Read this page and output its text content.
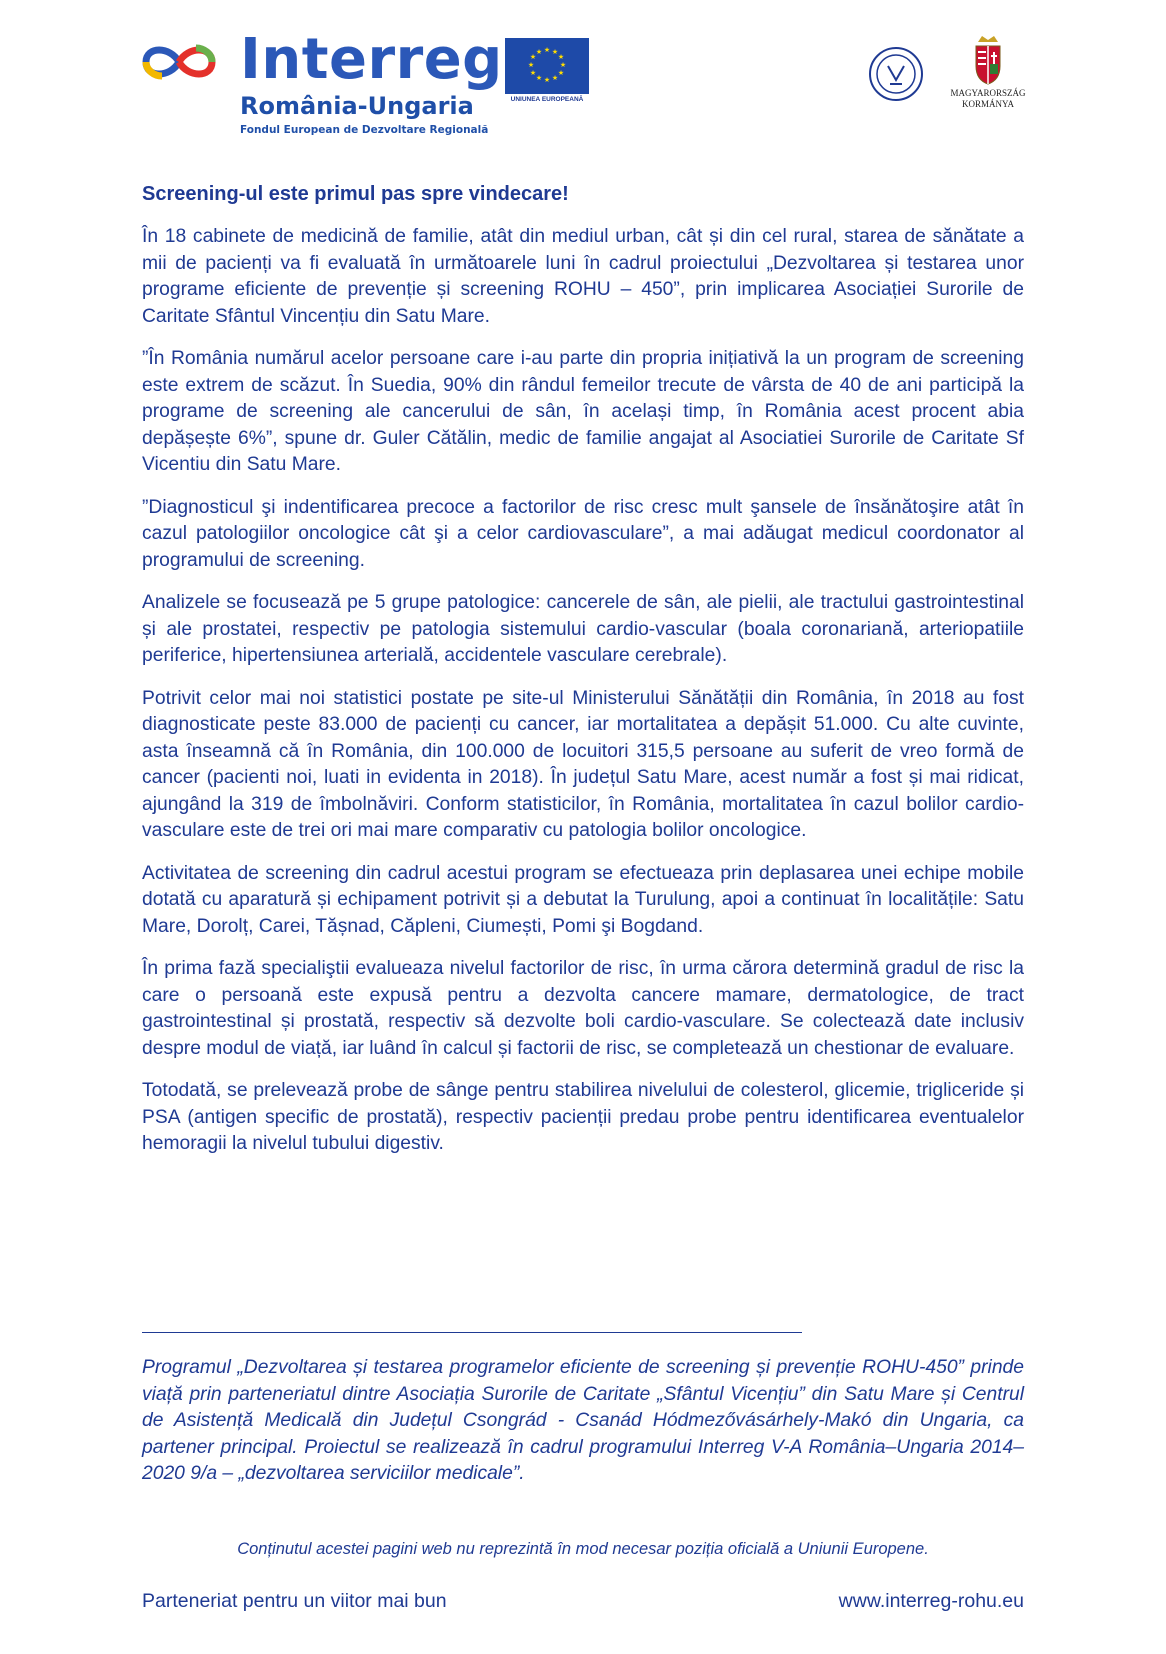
Interreg
România-Ungaria
Fondul European de Dezvoltare Regională
★ ★
★
★
★
★
★
★
★
★
★
★
UNIUNEA EUROPEANĂ
MAGYARORSZÁG
KORMÁNYA
Screening-ul este primul pas spre vindecare!

În 18 cabinete de medicină de familie, atât din mediul urban, cât și din cel rural, starea de sănătate a mii de pacienți va fi evaluată în următoarele luni în cadrul proiectului „Dezvoltarea și testarea unor programe eficiente de prevenție și screening ROHU – 450”, prin implicarea Asociației Surorile de Caritate Sfântul Vincențiu din Satu Mare.

”În România numărul acelor persoane care i-au parte din propria inițiativă la un program de screening este extrem de scăzut. În Suedia, 90% din rândul femeilor trecute de vârsta de 40 de ani participă la programe de screening ale cancerului de sân, în același timp, în România acest procent abia depășește 6%”, spune dr. Guler Cătălin, medic de familie angajat al Asociatiei Surorile de Caritate Sf Vicentiu din Satu Mare.

”Diagnosticul şi indentificarea precoce a factorilor de risc cresc mult şansele de însănătoşire atât în cazul patologiilor oncologice cât şi a celor cardiovasculare”, a mai adăugat medicul coordonator al programului de screening.

Analizele se focusează pe 5 grupe patologice: cancerele de sân, ale pielii, ale tractului gastrointestinal și ale prostatei, respectiv pe patologia sistemului cardio-vascular (boala coronariană, arteriopatiile periferice, hipertensiunea arterială, accidentele vasculare cerebrale).

Potrivit celor mai noi statistici postate pe site-ul Ministerului Sănătății din România, în 2018 au fost diagnosticate peste 83.000 de pacienți cu cancer, iar mortalitatea a depășit 51.000. Cu alte cuvinte, asta înseamnă că în România, din 100.000 de locuitori 315,5 persoane au suferit de vreo formă de cancer (pacienti noi, luati in evidenta in 2018). În județul Satu Mare, acest număr a fost și mai ridicat, ajungând la 319 de îmbolnăviri. Conform statisticilor, în România, mortalitatea în cazul bolilor cardio-vasculare este de trei ori mai mare comparativ cu patologia bolilor oncologice.

Activitatea de screening din cadrul acestui program se efectueaza prin deplasarea unei echipe mobile dotată cu aparatură și echipament potrivit și a debutat la Turulung, apoi a continuat în localitățile: Satu Mare, Dorolț, Carei, Tășnad, Căpleni, Ciumești, Pomi şi Bogdand.

În prima fază specialiştii evalueaza nivelul factorilor de risc, în urma cărora determină gradul de risc la care o persoană este expusă pentru a dezvolta cancere mamare, dermatologice, de tract gastrointestinal și prostată, respectiv să dezvolte boli cardio-vasculare. Se colectează date inclusiv despre modul de viață, iar luând în calcul și factorii de risc, se completează un chestionar de evaluare.

Totodată, se prelevează probe de sânge pentru stabilirea nivelului de colesterol, glicemie, trigliceride și PSA (antigen specific de prostată), respectiv pacienții predau probe pentru identificarea eventualelor hemoragii la nivelul tubului digestiv.

Programul „Dezvoltarea și testarea programelor eficiente de screening și prevenție ROHU-450” prinde viață prin parteneriatul dintre Asociația Surorile de Caritate „Sfântul Vicențiu” din Satu Mare și Centrul de Asistență Medicală din Județul Csongrád - Csanád Hódmezővásárhely-Makó din Ungaria, ca partener principal. Proiectul se realizează în cadrul programului Interreg V-A România–Ungaria 2014–2020 9/a – „dezvoltarea serviciilor medicale”.

Conținutul acestei pagini web nu reprezintă în mod necesar poziția oficială a Uniunii Europene.
Parteneriat pentru un viitor mai bun	www.interreg-rohu.eu
